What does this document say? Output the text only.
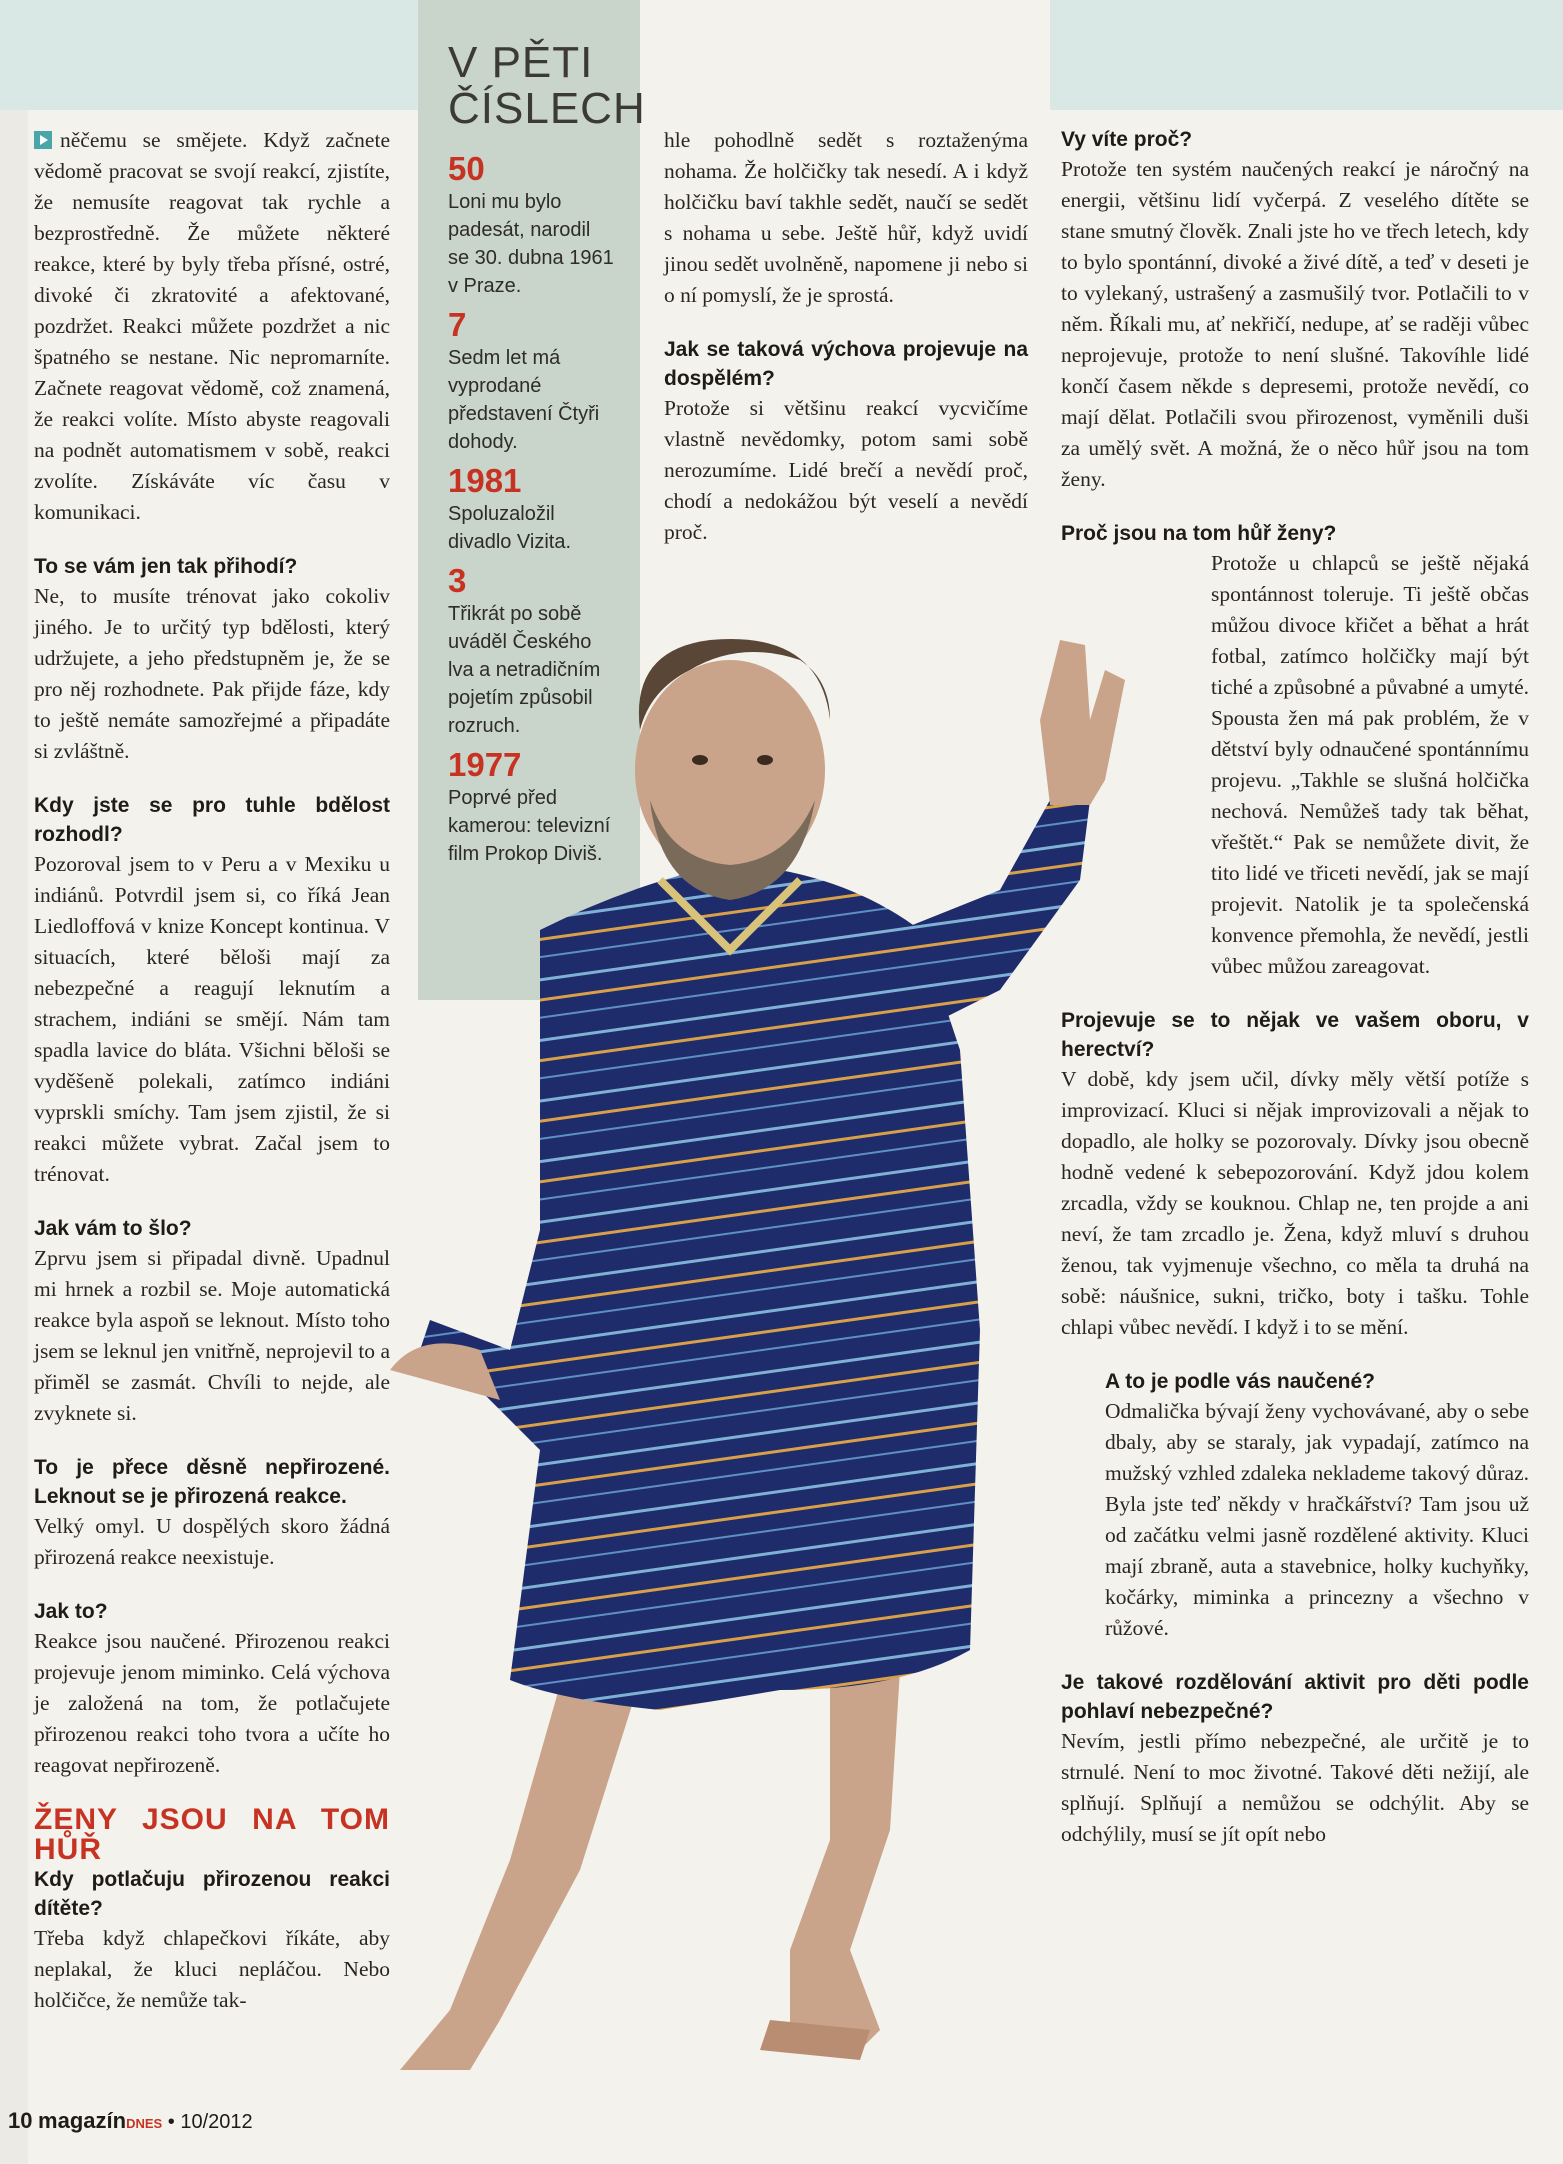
něčemu se smějete. Když začnete vědomě pracovat se svojí reakcí, zjistíte, že nemusíte reagovat tak rychle a bezprostředně. Že můžete některé reakce, které by byly třeba přísné, ostré, divoké či zkratovité a afektované, pozdržet. Reakci můžete pozdržet a nic špatného se nestane. Nic nepromarníte. Začnete reagovat vědomě, což znamená, že reakci volíte. Místo abyste reagovali na podnět automatismem v sobě, reakci zvolíte. Získáváte víc času v komunikaci.

To se vám jen tak přihodí?

Ne, to musíte trénovat jako cokoliv jiného. Je to určitý typ bdělosti, který udržujete, a jeho předstupněm je, že se pro něj rozhodnete. Pak přijde fáze, kdy to ještě nemáte samozřejmé a připadáte si zvláštně.

Kdy jste se pro tuhle bdělost rozhodl?

Pozoroval jsem to v Peru a v Mexiku u indiánů. Potvrdil jsem si, co říká Jean Liedloffová v knize Koncept kontinua. V situacích, které běloši mají za nebezpečné a reagují leknutím a strachem, indiáni se smějí. Nám tam spadla lavice do bláta. Všichni běloši se vyděšeně polekali, zatímco indiáni vyprskli smíchy. Tam jsem zjistil, že si reakci můžete vybrat. Začal jsem to trénovat.

Jak vám to šlo?

Zprvu jsem si připadal divně. Upadnul mi hrnek a rozbil se. Moje automatická reakce byla aspoň se leknout. Místo toho jsem se leknul jen vnitřně, neprojevil to a přiměl se zasmát. Chvíli to nejde, ale zvyknete si.

To je přece děsně nepřirozené. Leknout se je přirozená reakce.

Velký omyl. U dospělých skoro žádná přirozená reakce neexistuje.

Jak to?

Reakce jsou naučené. Přirozenou reakci projevuje jenom miminko. Celá výchova je založená na tom, že potlačujete přirozenou reakci toho tvora a učíte ho reagovat nepřirozeně.

ŽENY JSOU NA TOM HŮŘ
Kdy potlačuju přirozenou reakci dítěte?

Třeba když chlapečkovi říkáte, aby neplakal, že kluci nepláčou. Nebo holčičce, že nemůže tak-

V PĚTI ČÍSLECH
50
Loni mu bylo padesát, narodil se 30. dubna 1961 v Praze.
7
Sedm let má vyprodané představení Čtyři dohody.
1981
Spoluzaložil divadlo Vizita.
3
Třikrát po sobě uváděl Českého lva a netradičním pojetím způsobil rozruch.
1977
Poprvé před kamerou: televizní film Prokop Diviš.

hle pohodlně sedět s roztaženýma nohama. Že holčičky tak nesedí. A i když holčičku baví takhle sedět, naučí se sedět s nohama u sebe. Ještě hůř, když uvidí jinou sedět uvolněně, napomene ji nebo si o ní pomyslí, že je sprostá.

Jak se taková výchova projevuje na dospělém?

Protože si většinu reakcí vycvičíme vlastně nevědomky, potom sami sobě nerozumíme. Lidé brečí a nevědí proč, chodí a nedokážou být veselí a nevědí proč.

Vy víte proč?

Protože ten systém naučených reakcí je náročný na energii, většinu lidí vyčerpá. Z veselého dítěte se stane smutný člověk. Znali jste ho ve třech letech, kdy to bylo spontánní, divoké a živé dítě, a teď v deseti je to vylekaný, ustrašený a zasmušilý tvor. Potlačili to v něm. Říkali mu, ať nekřičí, nedupe, ať se raději vůbec neprojevuje, protože to není slušné. Takovíhle lidé končí časem někde s depresemi, protože nevědí, co mají dělat. Potlačili svou přirozenost, vyměnili duši za umělý svět. A možná, že o něco hůř jsou na tom ženy.

Proč jsou na tom hůř ženy?

Protože u chlapců se ještě nějaká spontánnost toleruje. Ti ještě občas můžou divoce křičet a běhat a hrát fotbal, zatímco holčičky mají být tiché a způsobné a půvabné a umyté. Spousta žen má pak problém, že v dětství byly odnaučené spontánnímu projevu. „Takhle se slušná holčička nechová. Nemůžeš tady tak běhat, vřeštět.“ Pak se nemůžete divit, že tito lidé ve třiceti nevědí, jak se mají projevit. Natolik je ta společenská konvence přemohla, že nevědí, jestli vůbec můžou zareagovat.

Projevuje se to nějak ve vašem oboru, v herectví?

V době, kdy jsem učil, dívky měly větší potíže s improvizací. Kluci si nějak improvizovali a nějak to dopadlo, ale holky se pozorovaly. Dívky jsou obecně hodně vedené k sebepozorování. Když jdou kolem zrcadla, vždy se kouknou. Chlap ne, ten projde a ani neví, že tam zrcadlo je. Žena, když mluví s druhou ženou, tak vyjmenuje všechno, co měla ta druhá na sobě: náušnice, sukni, tričko, boty i tašku. Tohle chlapi vůbec nevědí. I když i to se mění.

A to je podle vás naučené?

Odmalička bývají ženy vychovávané, aby o sebe dbaly, aby se staraly, jak vypadají, zatímco na mužský vzhled zdaleka neklademe takový důraz. Byla jste teď někdy v hračkářství? Tam jsou už od začátku velmi jasně rozdělené aktivity. Kluci mají zbraně, auta a stavebnice, holky kuchyňky, kočárky, miminka a princezny a všechno v růžové.

Je takové rozdělování aktivit pro děti podle pohlaví nebezpečné?

Nevím, jestli přímo nebezpečné, ale určitě je to strnulé. Není to moc životné. Takové děti nežijí, ale splňují. Splňují a nemůžou se odchýlit. Aby se odchýlily, musí se jít opít nebo

10 magazínDNES • 10/2012
